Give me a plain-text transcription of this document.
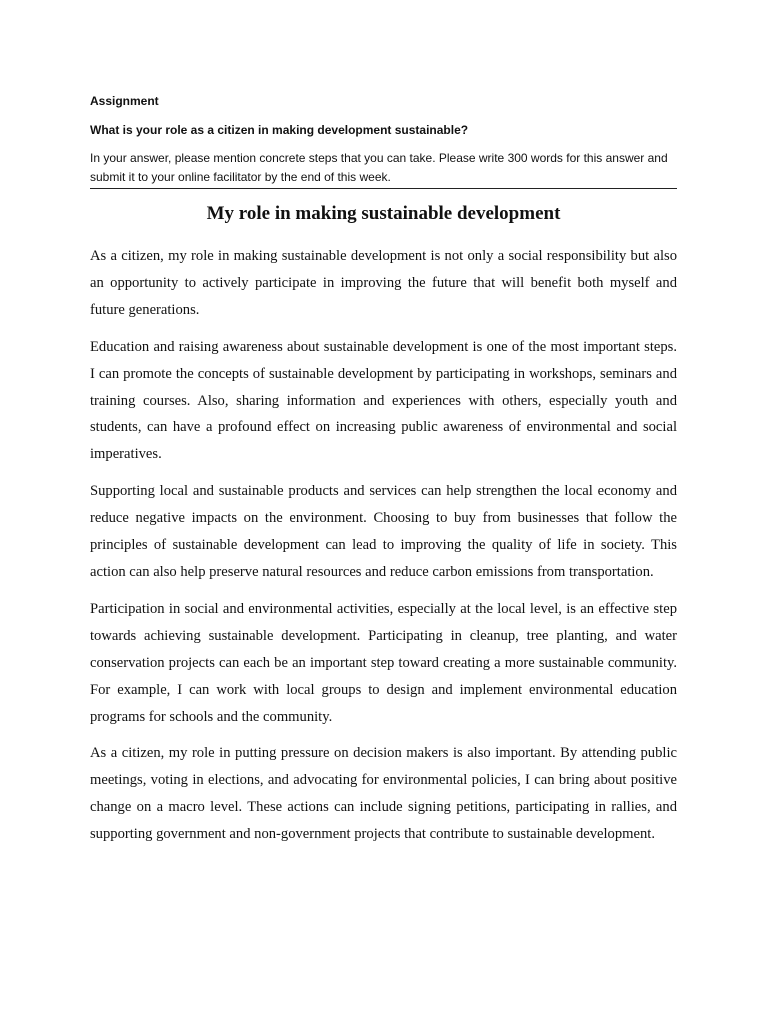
Assignment

What is your role as a citizen in making development sustainable?

In your answer, please mention concrete steps that you can take. Please write 300 words for this answer and submit it to your online facilitator by the end of this week.

My role in making sustainable development

As a citizen, my role in making sustainable development is not only a social responsibility but also an opportunity to actively participate in improving the future that will benefit both myself and future generations.

Education and raising awareness about sustainable development is one of the most important steps. I can promote the concepts of sustainable development by participating in workshops, seminars and training courses. Also, sharing information and experiences with others, especially youth and students, can have a profound effect on increasing public awareness of environmental and social imperatives.

Supporting local and sustainable products and services can help strengthen the local economy and reduce negative impacts on the environment. Choosing to buy from businesses that follow the principles of sustainable development can lead to improving the quality of life in society. This action can also help preserve natural resources and reduce carbon emissions from transportation.

Participation in social and environmental activities, especially at the local level, is an effective step towards achieving sustainable development. Participating in cleanup, tree planting, and water conservation projects can each be an important step toward creating a more sustainable community. For example, I can work with local groups to design and implement environmental education programs for schools and the community.

As a citizen, my role in putting pressure on decision makers is also important. By attending public meetings, voting in elections, and advocating for environmental policies, I can bring about positive change on a macro level. These actions can include signing petitions, participating in rallies, and supporting government and non-government projects that contribute to sustainable development.
